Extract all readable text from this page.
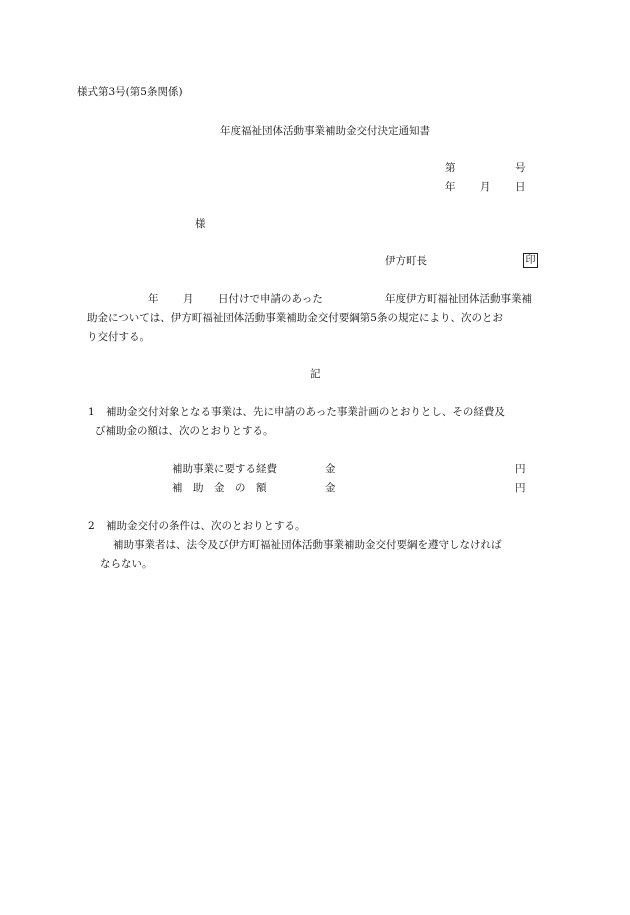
様式第3号(第5条関係)
年度福祉団体活動事業補助金交付決定通知書
第	号
年 月 日
様
伊方町長	印
年 月 日付けで申請のあった	年度伊方町福祉団体活動事業補
助金については、伊方町福祉団体活動事業補助金交付要綱第5条の規定により、次のとお
り交付する。
記
1 補助金交付対象となる事業は、先に申請のあった事業計画のとおりとし、その経費及
び補助金の額は、次のとおりとする。
補助事業に要する経費	金	円
補　助　金　の　額	金	円
2 補助金交付の条件は、次のとおりとする。
補助事業者は、法令及び伊方町福祉団体活動事業補助金交付要綱を遵守しなければ
ならない。
